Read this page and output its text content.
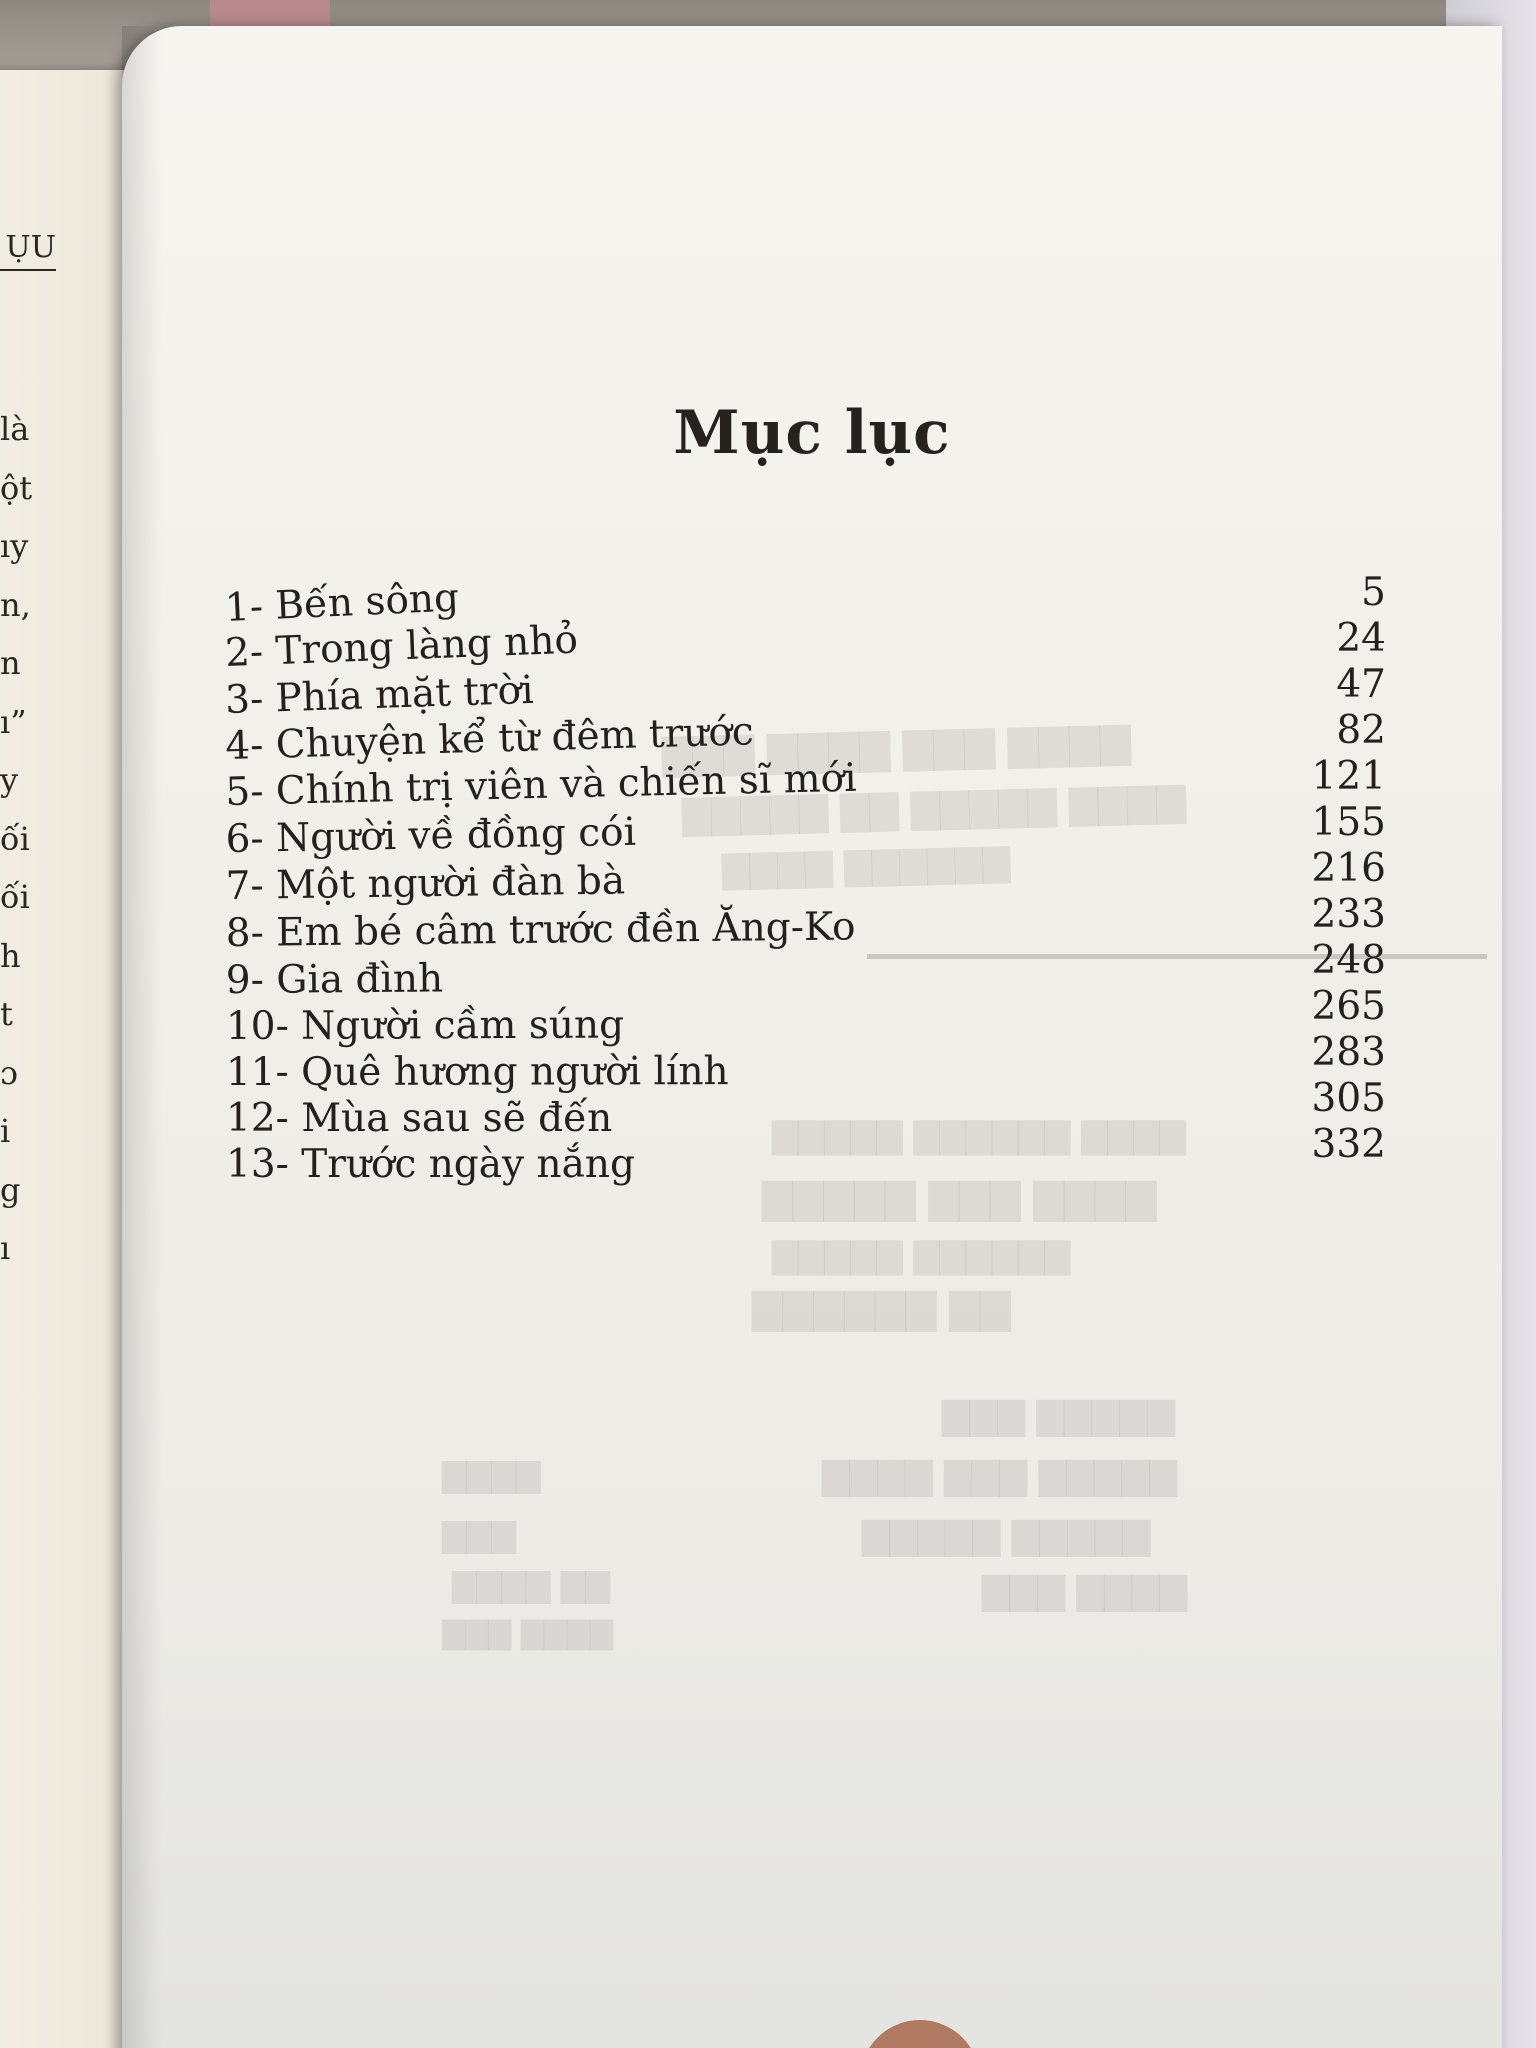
ỤU
là
ột
ıy
n,
n
ı”
y
ối
ối
h
t
ɔ
i
g
ı
Mục lục
▇▇▇ ▇▇▇▇ ▇▇▇ ▇▇▇▇
▇▇▇▇▇ ▇▇ ▇▇▇▇▇ ▇▇▇▇
▇▇▇▇ ▇▇▇▇▇▇
▇▇▇▇▇ ▇▇▇▇▇▇ ▇▇▇▇
▇▇▇▇▇ ▇▇▇ ▇▇▇▇
▇▇▇▇▇ ▇▇▇▇▇▇
▇▇▇▇▇▇ ▇▇
▇▇▇ ▇▇▇▇▇
▇▇▇▇	▇▇▇▇ ▇▇▇ ▇▇▇▇▇
▇▇▇	▇▇▇▇▇ ▇▇▇▇▇
▇▇▇▇ ▇▇	▇▇▇ ▇▇▇▇
▇▇▇ ▇▇▇▇
1- Bến sông	5
2- Trong làng nhỏ	24
3- Phía mặt trời	47
4- Chuyện kể từ đêm trước	82
5- Chính trị viên và chiến sĩ mới	121
6- Người về đồng cói	155
7- Một người đàn bà	216
8- Em bé câm trước đền Ăng-Ko	233
9- Gia đình	248
10- Người cầm súng	265
11- Quê hương người lính	283
12- Mùa sau sẽ đến	305
13- Trước ngày nắng	332
